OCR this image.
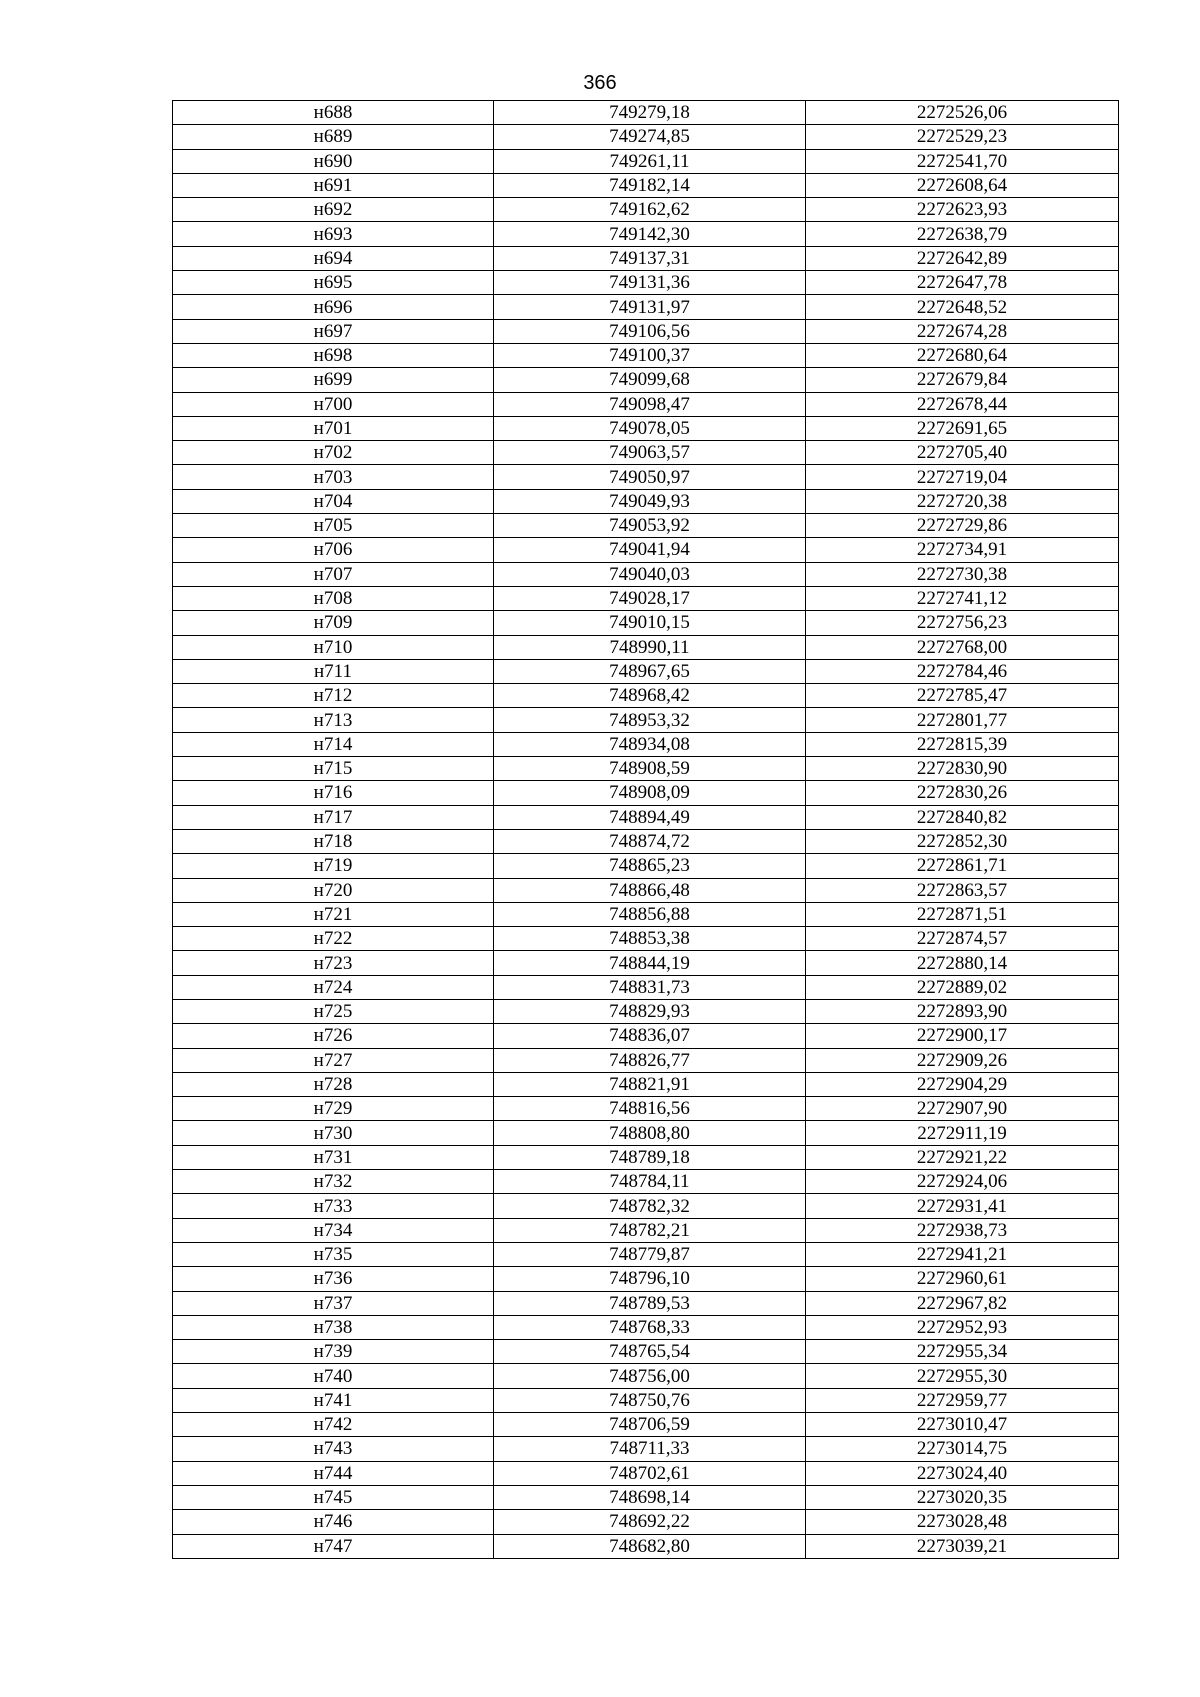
366
н688	749279,18	2272526,06
н689	749274,85	2272529,23
н690	749261,11	2272541,70
н691	749182,14	2272608,64
н692	749162,62	2272623,93
н693	749142,30	2272638,79
н694	749137,31	2272642,89
н695	749131,36	2272647,78
н696	749131,97	2272648,52
н697	749106,56	2272674,28
н698	749100,37	2272680,64
н699	749099,68	2272679,84
н700	749098,47	2272678,44
н701	749078,05	2272691,65
н702	749063,57	2272705,40
н703	749050,97	2272719,04
н704	749049,93	2272720,38
н705	749053,92	2272729,86
н706	749041,94	2272734,91
н707	749040,03	2272730,38
н708	749028,17	2272741,12
н709	749010,15	2272756,23
н710	748990,11	2272768,00
н711	748967,65	2272784,46
н712	748968,42	2272785,47
н713	748953,32	2272801,77
н714	748934,08	2272815,39
н715	748908,59	2272830,90
н716	748908,09	2272830,26
н717	748894,49	2272840,82
н718	748874,72	2272852,30
н719	748865,23	2272861,71
н720	748866,48	2272863,57
н721	748856,88	2272871,51
н722	748853,38	2272874,57
н723	748844,19	2272880,14
н724	748831,73	2272889,02
н725	748829,93	2272893,90
н726	748836,07	2272900,17
н727	748826,77	2272909,26
н728	748821,91	2272904,29
н729	748816,56	2272907,90
н730	748808,80	2272911,19
н731	748789,18	2272921,22
н732	748784,11	2272924,06
н733	748782,32	2272931,41
н734	748782,21	2272938,73
н735	748779,87	2272941,21
н736	748796,10	2272960,61
н737	748789,53	2272967,82
н738	748768,33	2272952,93
н739	748765,54	2272955,34
н740	748756,00	2272955,30
н741	748750,76	2272959,77
н742	748706,59	2273010,47
н743	748711,33	2273014,75
н744	748702,61	2273024,40
н745	748698,14	2273020,35
н746	748692,22	2273028,48
н747	748682,80	2273039,21
